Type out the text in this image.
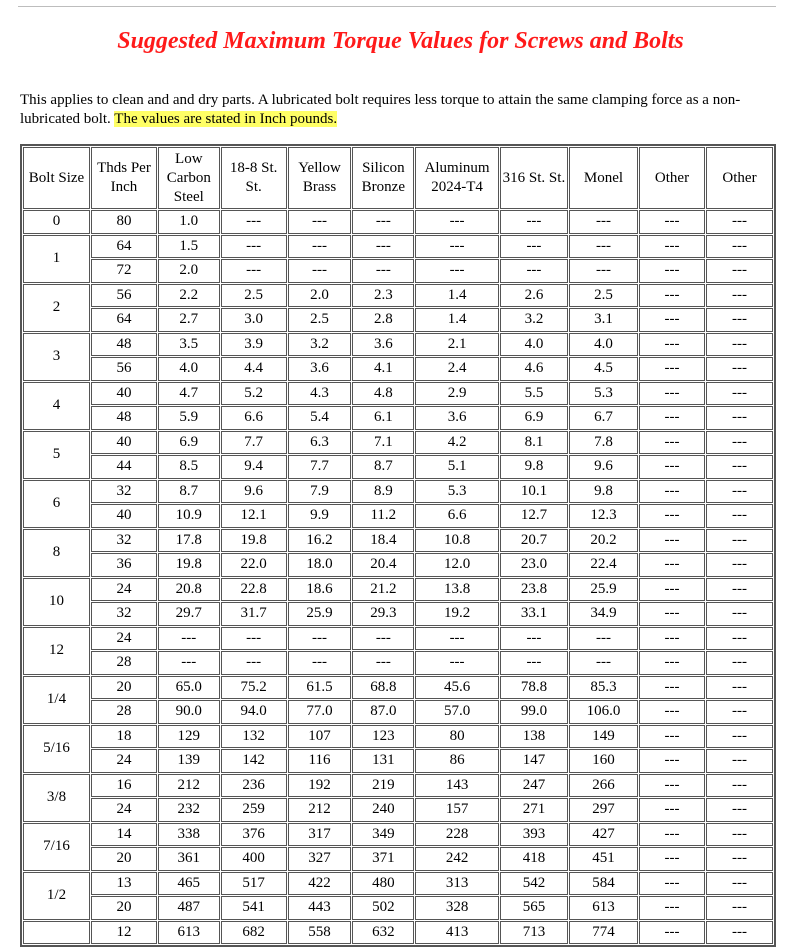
Suggested Maximum Torque Values for Screws and Bolts

This applies to clean and and dry parts. A lubricated bolt requires less torque to attain the same clamping force as a non-lubricated bolt. The values are stated in Inch pounds.

Bolt Size	Thds Per Inch	Low Carbon Steel	18-8 St. St.	Yellow Brass	Silicon Bronze	Aluminum 2024-T4	316 St. St.	Monel	Other	Other
0	80	1.0	---	---	---	---	---	---	---	---
1	64	1.5	---	---	---	---	---	---	---	---
	72	2.0	---	---	---	---	---	---	---	---
2	56	2.2	2.5	2.0	2.3	1.4	2.6	2.5	---	---
	64	2.7	3.0	2.5	2.8	1.4	3.2	3.1	---	---
3	48	3.5	3.9	3.2	3.6	2.1	4.0	4.0	---	---
	56	4.0	4.4	3.6	4.1	2.4	4.6	4.5	---	---
4	40	4.7	5.2	4.3	4.8	2.9	5.5	5.3	---	---
	48	5.9	6.6	5.4	6.1	3.6	6.9	6.7	---	---
5	40	6.9	7.7	6.3	7.1	4.2	8.1	7.8	---	---
	44	8.5	9.4	7.7	8.7	5.1	9.8	9.6	---	---
6	32	8.7	9.6	7.9	8.9	5.3	10.1	9.8	---	---
	40	10.9	12.1	9.9	11.2	6.6	12.7	12.3	---	---
8	32	17.8	19.8	16.2	18.4	10.8	20.7	20.2	---	---
	36	19.8	22.0	18.0	20.4	12.0	23.0	22.4	---	---
10	24	20.8	22.8	18.6	21.2	13.8	23.8	25.9	---	---
	32	29.7	31.7	25.9	29.3	19.2	33.1	34.9	---	---
12	24	---	---	---	---	---	---	---	---	---
	28	---	---	---	---	---	---	---	---	---
1/4	20	65.0	75.2	61.5	68.8	45.6	78.8	85.3	---	---
	28	90.0	94.0	77.0	87.0	57.0	99.0	106.0	---	---
5/16	18	129	132	107	123	80	138	149	---	---
	24	139	142	116	131	86	147	160	---	---
3/8	16	212	236	192	219	143	247	266	---	---
	24	232	259	212	240	157	271	297	---	---
7/16	14	338	376	317	349	228	393	427	---	---
	20	361	400	327	371	242	418	451	---	---
1/2	13	465	517	422	480	313	542	584	---	---
	20	487	541	443	502	328	565	613	---	---
	12	613	682	558	632	413	713	774	---	---
